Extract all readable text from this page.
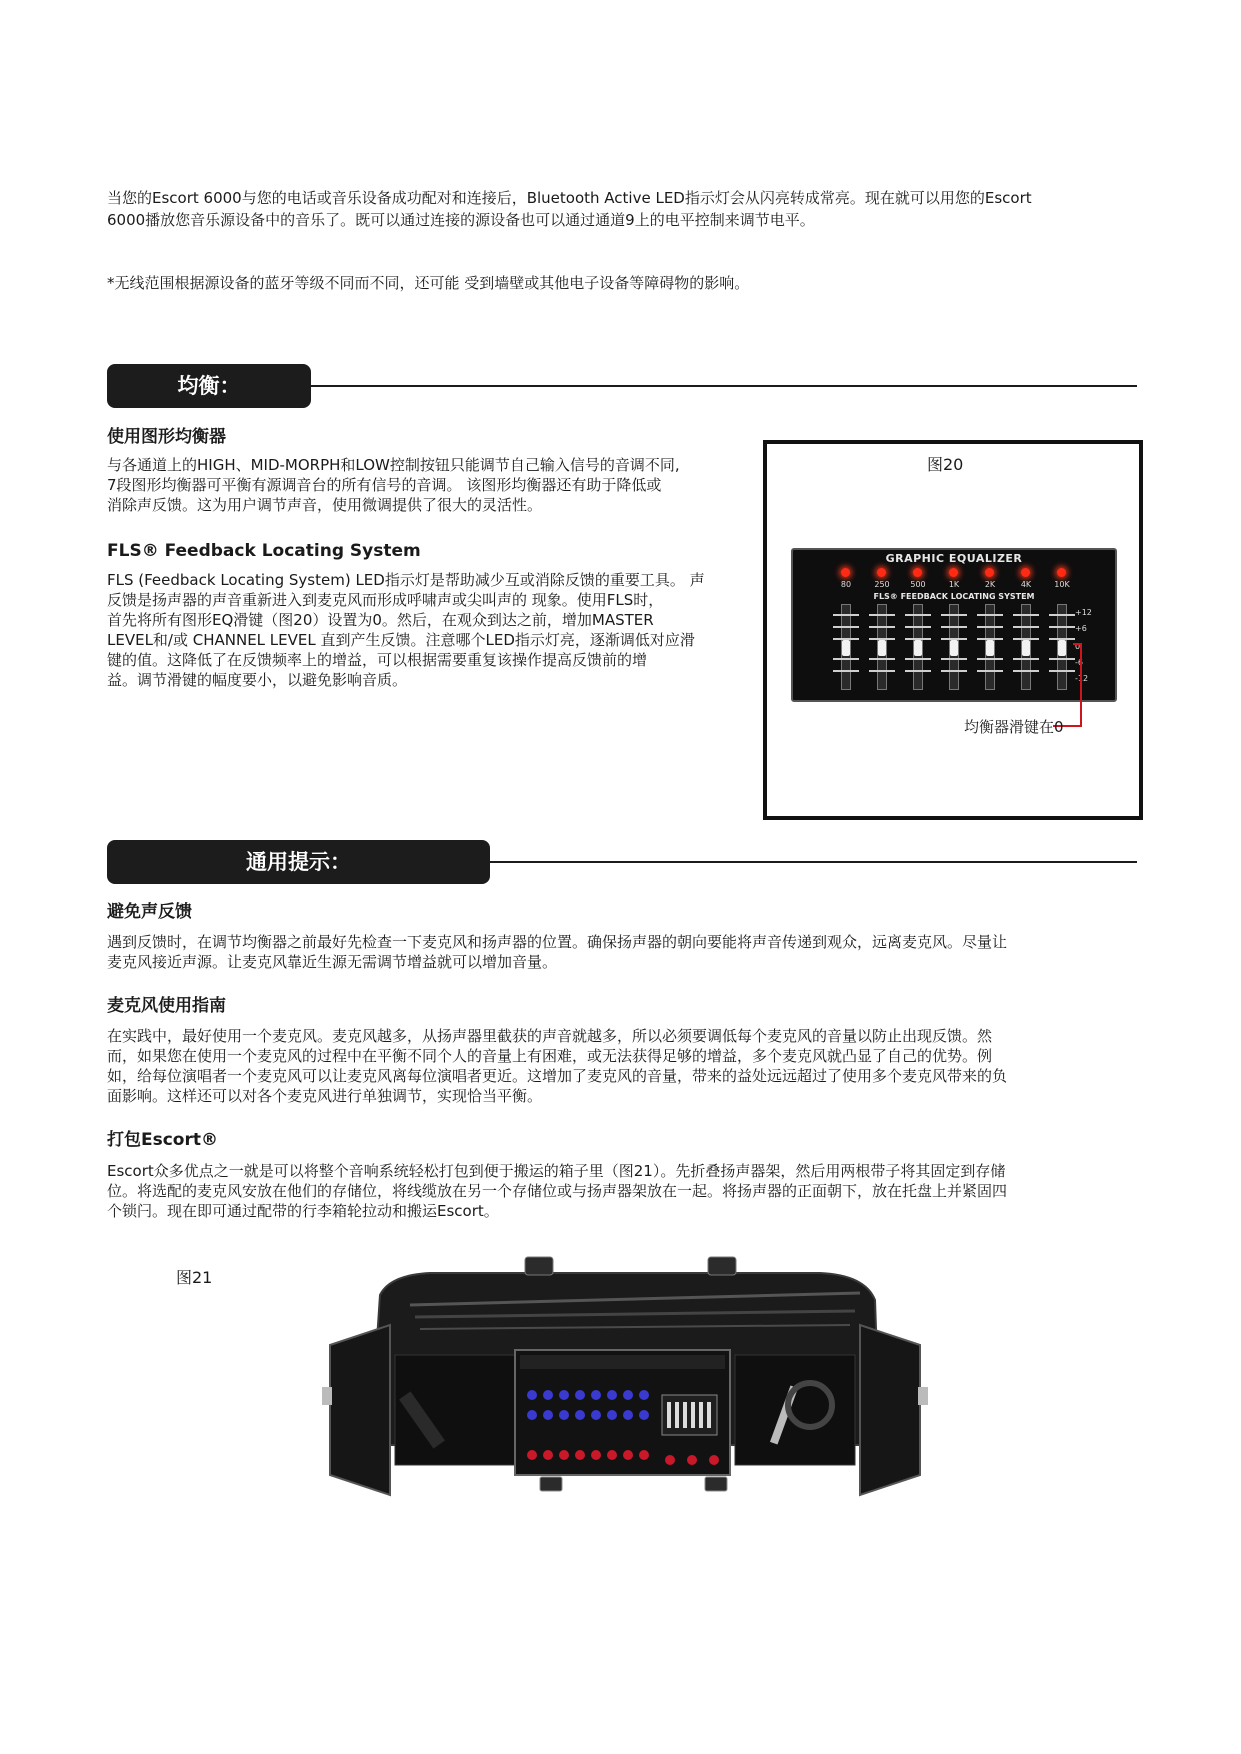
当您的Escort 6000与您的电话或音乐设备成功配对和连接后，Bluetooth Active LED指示灯会从闪亮转成常亮。现在就可以用您的Escort

6000播放您音乐源设备中的音乐了。既可以通过连接的源设备也可以通过通道9上的电平控制来调节电平。

*无线范围根据源设备的蓝牙等级不同而不同，还可能 受到墙壁或其他电子设备等障碍物的影响。

均衡：
使用图形均衡器

与各通道上的HIGH、MID-MORPH和LOW控制按钮只能调节自己输入信号的音调不同,

7段图形均衡器可平衡有源调音台的所有信号的音调。 该图形均衡器还有助于降低或

消除声反馈。这为用户调节声音，使用微调提供了很大的灵活性。

FLS® Feedback Locating System

FLS (Feedback Locating System) LED指示灯是帮助减少互或消除反馈的重要工具。 声

反馈是扬声器的声音重新进入到麦克风而形成呼啸声或尖叫声的 现象。使用FLS时，

首先将所有图形EQ滑键（图20）设置为0。然后，在观众到达之前，增加MASTER

LEVEL和/或 CHANNEL LEVEL 直到产生反馈。注意哪个LED指示灯亮，逐渐调低对应滑

键的值。这降低了在反馈频率上的增益，可以根据需要重复该操作提高反馈前的增

益。调节滑键的幅度要小，以避免影响音质。

图20
GRAPHIC EQUALIZER
80	250	500	1K	2K	4K	10K
FLS® FEEDBACK LOCATING SYSTEM
+12
+6
0
-6
-12
均衡器滑键在0
通用提示：
避免声反馈

遇到反馈时，在调节均衡器之前最好先检查一下麦克风和扬声器的位置。确保扬声器的朝向要能将声音传递到观众，远离麦克风。尽量让

麦克风接近声源。让麦克风靠近生源无需调节增益就可以增加音量。

麦克风使用指南

在实践中，最好使用一个麦克风。麦克风越多，从扬声器里截获的声音就越多，所以必须要调低每个麦克风的音量以防止出现反馈。然

而，如果您在使用一个麦克风的过程中在平衡不同个人的音量上有困难，或无法获得足够的增益，多个麦克风就凸显了自己的优势。例

如，给每位演唱者一个麦克风可以让麦克风离每位演唱者更近。这增加了麦克风的音量，带来的益处远远超过了使用多个麦克风带来的负

面影响。这样还可以对各个麦克风进行单独调节，实现恰当平衡。

打包Escort®

Escort众多优点之一就是可以将整个音响系统轻松打包到便于搬运的箱子里（图21）。先折叠扬声器架，然后用两根带子将其固定到存储

位。将选配的麦克风安放在他们的存储位，将线缆放在另一个存储位或与扬声器架放在一起。将扬声器的正面朝下，放在托盘上并紧固四

个锁闩。现在即可通过配带的行李箱轮拉动和搬运Escort。

图21
